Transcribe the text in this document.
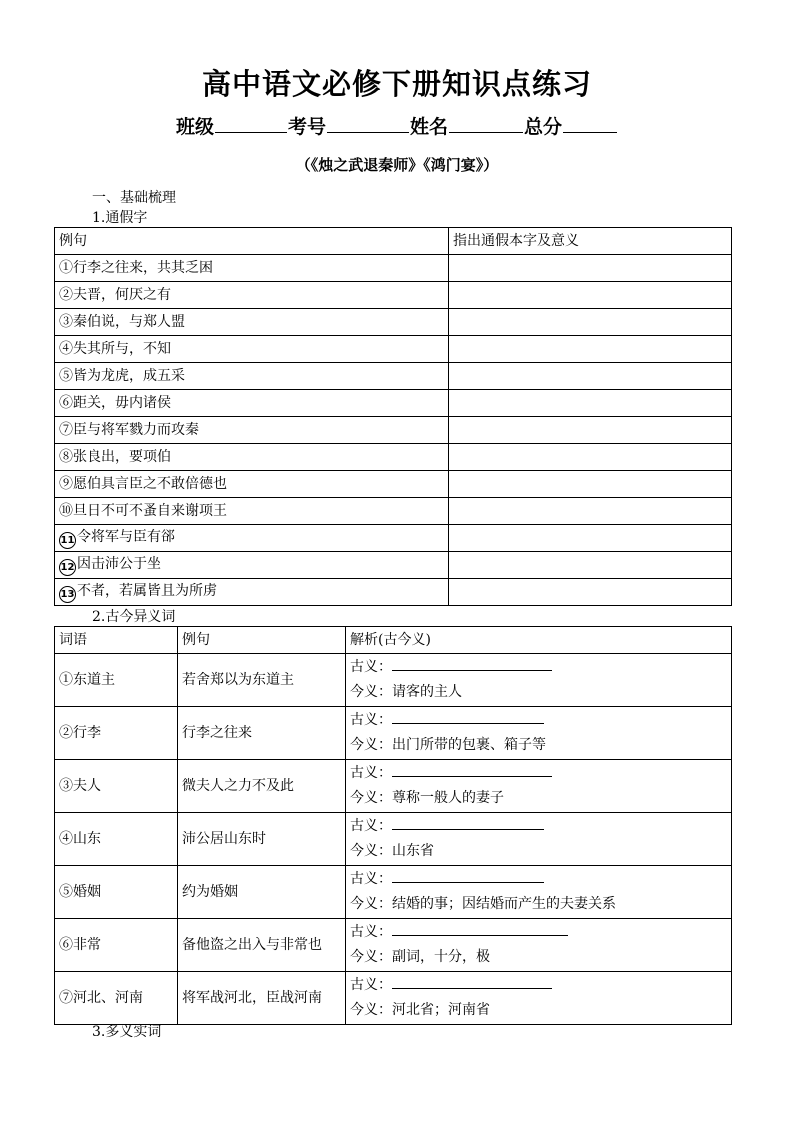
高中语文必修下册知识点练习
班级	考号	姓名	总分
（《烛之武退秦师》《鸿门宴》）
一、基础梳理
1.通假字
例句	指出通假本字及意义
①行李之往来，共其乏困	
②夫晋，何厌之有	
③秦伯说，与郑人盟	
④失其所与，不知	
⑤皆为龙虎，成五采	
⑥距关，毋内诸侯	
⑦臣与将军戮力而攻秦	
⑧张良出，要项伯	
⑨愿伯具言臣之不敢倍德也	
⑩旦日不可不蚤自来谢项王	
11 令将军与臣有郤	
12 因击沛公于坐	
13 不者，若属皆且为所虏	
2.古今异义词
词语	例句	解析(古今义)
①东道主	若舍郑以为东道主	古义：
今义：请客的主人

②行李	行李之往来	古义：
今义：出门所带的包裹、箱子等

③夫人	微夫人之力不及此	古义：
今义：尊称一般人的妻子

④山东	沛公居山东时	古义：
今义：山东省

⑤婚姻	约为婚姻	古义：
今义：结婚的事；因结婚而产生的夫妻关系

⑥非常	备他盗之出入与非常也	古义：
今义：副词，十分，极

⑦河北、河南	将军战河北，臣战河南	古义：
今义：河北省；河南省
3.多义实词
